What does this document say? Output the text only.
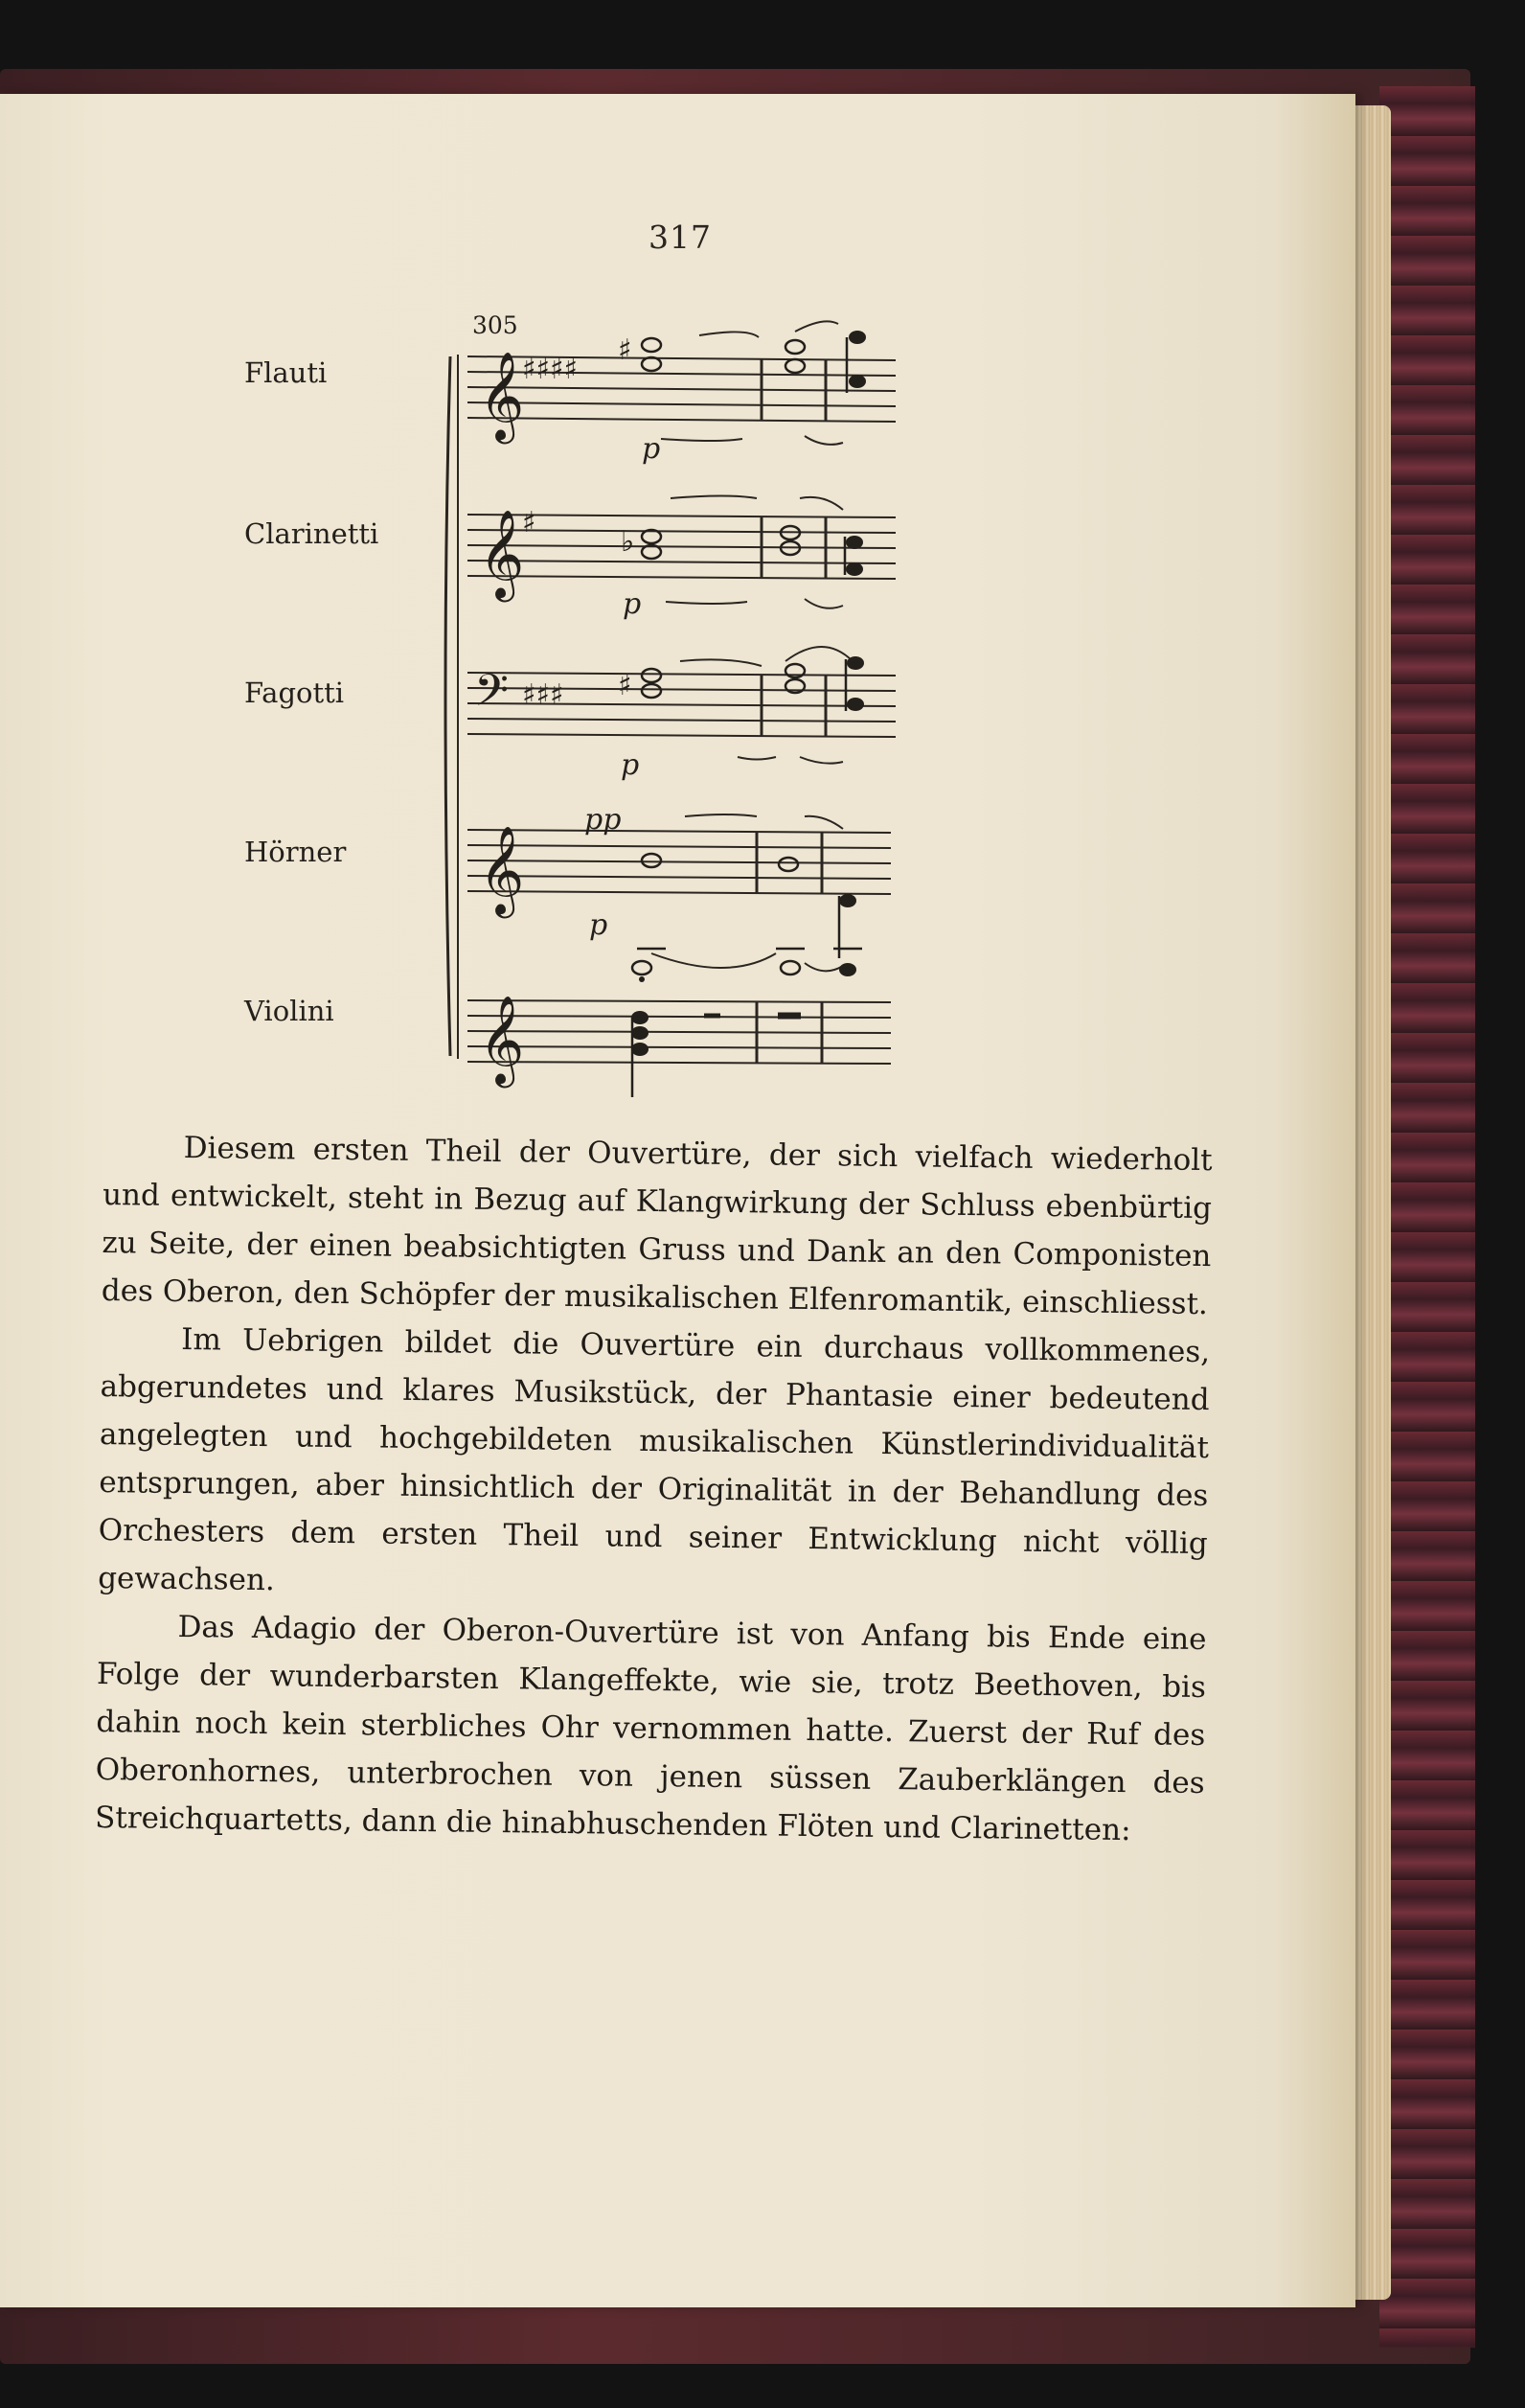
317
Flauti
Clarinetti
Fagotti
Hörner
Violini
305
𝄞
𝄞
𝄢
𝄞
𝄞
♯♯♯♯
♯
♯♯♯
♯
♭
♯
p
p
p
pp
p

Diesem ersten Theil der Ouvertüre, der sich vielfach wiederholt und entwickelt, steht in Bezug auf Klangwirkung der Schluss ebenbürtig zu Seite, der einen beabsichtigten Gruss und Dank an den Componisten des Oberon, den Schöpfer der musikalischen Elfenromantik, einschliesst.

Im Uebrigen bildet die Ouvertüre ein durchaus vollkommenes, abgerundetes und klares Musikstück, der Phantasie einer bedeutend angelegten und hochgebildeten musikalischen Künstlerindividualität entsprungen, aber hinsichtlich der Originalität in der Behandlung des Orchesters dem ersten Theil und seiner Entwicklung nicht völlig gewachsen.

Das Adagio der Oberon-Ouvertüre ist von Anfang bis Ende eine Folge der wunderbarsten Klangeffekte, wie sie, trotz Beethoven, bis dahin noch kein sterbliches Ohr vernommen hatte. Zuerst der Ruf des Oberonhornes, unterbrochen von jenen süssen Zauberklängen des Streichquartetts, dann die hinabhuschenden Flöten und Clarinetten:
